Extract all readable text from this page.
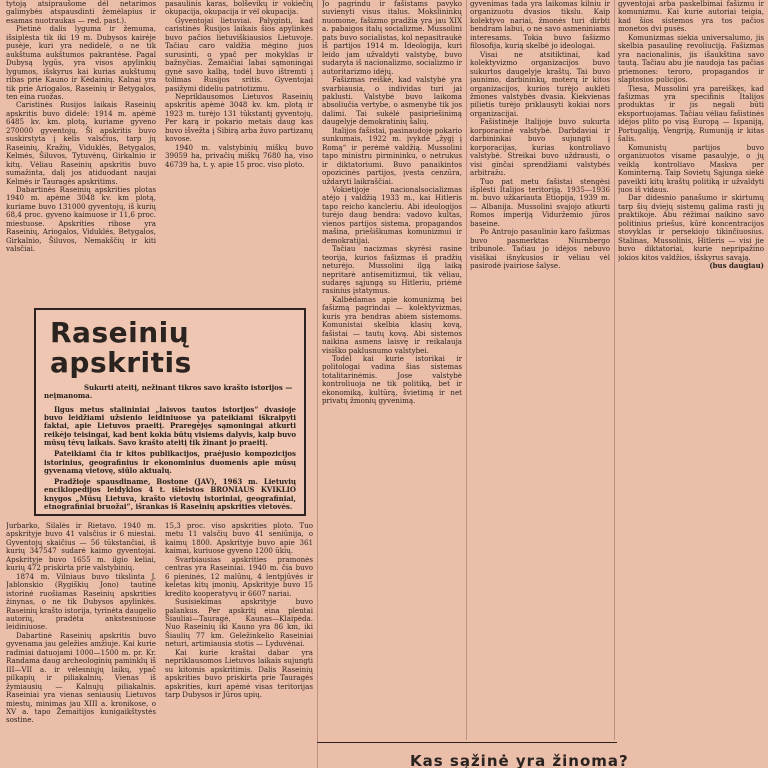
tytoją atsipraušome dėl netarimos galimybės atspausdinti žemėlapius ir esamas nuotraukas — red. past.).

Pietinė dalis lyguma ir žemuma, išsiplėsta tik iki 19 m. Dubysos kairėje pusėje, kuri yra nedidelė, o ne tik aukštuma aukštumos pakrantėse. Pagal Dubysą lygūs, yra visos apylinkių lygumos, išskyrus kai kurias aukštumų ribas prie Kauno ir Kėdainių. Kalnai yra tik prie Ariogalos, Raseinių ir Betygalos, ten eina ruožas.

Caristinės Rusijos laikais Raseinių apskritis buvo didelė: 1914 m. apėmė 6485 kv. km. plotą, kuriame gyveno 270000 gyventojų. Ši apskritis buvo suskirstyta į kelis valsčius, tarp jų Raseinių, Kražių, Viduklės, Betygalos, Kelmės, Šiluvos, Tytuvėnų, Girkalnio ir kitų. Vėliau Raseinių apskritis buvo sumažinta, dalį jos atiduodant naujai Kelmės ir Tauragės apskritims.

Dabartinės Raseinių apskrities plotas 1940 m. apėmė 3048 kv. km plotą, kuriame buvo 131000 gyventojų, iš kurių 68,4 proc. gyveno kaimuose ir 11,6 proc. miestuose. Apskrities ribose yra Raseinių, Ariogalos, Viduklės, Betygalos, Girkalnio, Šiluvos, Nemakščių ir kiti valsčiai.

pasaulinis karas, bolševikų ir vokiečių okupacija, okupacija ir vėl okupacija.

Gyventojai lietuviai. Palyginti, kad caristinės Rusijos laikais šios apylinkės buvo pačios lietuviškiausios Lietuvoje. Tačiau caro valdžia mėgino juos surusinti, o ypač per mokyklas ir bažnyčias. Žemaičiai labai sąmoningai gynė savo kalbą, todėl buvo ištremti į tolimas Rusijos sritis. Gyventojai pasižymi dideliu patriotizmu.

Nepriklausomos Lietuvos Raseinių apskritis apėmė 3048 kv. km. plotą ir 1923 m. turėjo 131 tūkstantį gyventojų. Per karą ir pokario metais daug kas buvo išvežta į Sibirą arba žuvo partizanų kovose.

1940 m. valstybinių miškų buvo 39059 ha, privačių miškų 7680 ha, viso 46739 ha, t. y. apie 15 proc. viso ploto.

Raseinių
apskritis

Sukurti ateitį, nežinant tikros savo krašto istorijos — neįmanoma.

Ilgus metus stalininiai „laisvos tautos istorijos“ dvasioje buvo leidžiami užsienio leidiniuose ya pateikiami iškraipyti faktai, apie Lietuvos praeitį. Praregėjęs sąmoningai atkurti reikėjo teisingai, kad bent kokia būtų visiems dalyvis, kaip buvo mūsų tėvų laikais. Savo krašto ateitį tik žinant jo praeitį.

Pateikiami čia ir kitos publikacijos, praėjusio kompozicijos istorinius, geografinius ir ekonominius duomenis apie mūsų gyvenamą vietovę, siūlo aktualų.

Pradžioje spausdiname, Bostone (JAV), 1963 m. Lietuvių enciklopedijos leidyklos 4 t. išleistos BRONIAUS KVIKLIO knygos „Mūsų Lietuva, krašto vietovių istoriniai, geografiniai, etnografiniai bruožai“, išrankas iš Raseinių apskrities vietovės.

Jurbarko, Šilalės ir Rietavo. 1940 m. apskrityje buvo 41 valsčius ir 6 miestai. Gyventojų skaičius — 56 tūkstančiai, iš kurių 347547 sudarė kaimo gyventojai. Apskrityje buvo 1655 m. ilgio keliai, kurių 472 priskirta prie valstybinių.

1874 m. Vilniaus buvo tikslinta J. Jablonskio (Rygiškių Jono) tautinė istorinė ruošiamas Raseinių apskrities žinynas, o ne tik Dubysos apylinkės. Raseinių krašto istorija, tyrinėta daugelio autorių, pradėta ankstesniuose leidiniuose.

Dabartinė Raseinių apskritis buvo gyvenama jau geležies amžiuje. Kai kurie radiniai datuojami 1000—1500 m. pr. Kr. Randama daug archeologinių paminklų iš III—VII a. ir vėlesniųjų laikų, ypač pilkapių ir piliakalnių. Vienas iš žymiausių — Kalnujų piliakalnis. Raseiniai yra vienas seniausių Lietuvos miestų, minimas jau XIII a. kronikose, o XV a. tapo Žemaitijos kunigaikštystės sostine.

15,3 proc. viso apskrities ploto. Tuo metu 11 valsčių buvo 41 seniūnija, o kaimų 1800. Apskrityje buvo apie 361 kaimai, kuriuose gyveno 1200 ūkių.

Svarbiausias apskrities pramonės centras yra Raseiniai. 1940 m. čia buvo 6 pieninės, 12 malūnų, 4 lentpjūvės ir keletas kitų įmonių. Apskrityje buvo 15 kredito kooperatyvų ir 6607 nariai.

Susisiekimas apskrityje buvo palankus. Per apskritį eina plentai Šiauliai—Tauragė, Kaunas—Klaipėda. Nuo Raseinių iki Kauno yra 86 km, iki Šiaulių 77 km. Geležinkelio Raseiniai neturi, artimiausia stotis — Lyduvėnai.

Kai kurie kraštai dabar yra nepriklausomos Lietuvos laikais sujungti su kitomis apskritimis. Dalis Raseinių apskrities buvo priskirta prie Tauragės apskrities, kuri apėmė visas teritorijas tarp Dubysos ir Jūros upių.

Jo pagrindu ir fašistams pavyko suvienyti visus italus. Mokslininkų nuomone, fašizmo pradžia yra jau XIX a. pabaigos italų socializme. Mussolini pats buvo socialistas, kol nepasitraukė iš partijos 1914 m. Ideologija, kuri leido jam užvaldyti valstybę, buvo sudaryta iš nacionalizmo, socializmo ir autoritarizmo idėjų.

Fašizmas reiškė, kad valstybė yra svarbiausia, o individas turi jai paklusti. Valstybė buvo laikoma absoliučia vertybe, o asmenybė tik jos dalimi. Tai sukėlė pasipriešinimą daugelyje demokratinių šalių.

Italijos fašistai, pasinaudoję pokario sunkumais, 1922 m. įvykdė „žygį į Romą“ ir perėmė valdžią. Mussolini tapo ministru pirmininku, o netrukus ir diktatoriumi. Buvo panaikintos opozicinės partijos, įvesta cenzūra, uždaryti laikraščiai.

Vokietijoje nacionalsocializmas atėjo į valdžią 1933 m., kai Hitleris tapo reicho kancleriu. Abi ideologijos turėjo daug bendra: vadovo kultas, vienos partijos sistema, propagandos mašina, priešiškumas komunizmui ir demokratijai.

Tačiau nacizmas skyrėsi rasine teorija, kurios fašizmas iš pradžių neturėjo. Mussolini ilgą laiką nepritarė antisemitizmui, tik vėliau, sudaręs sąjungą su Hitleriu, priėmė rasinius įstatymus.

Kalbėdamas apie komunizmą bei fašizmą pagrindai — kolektyvizmas, kuris yra bendras abiem sistemoms. Komunistai skelbia klasių kovą, fašistai — tautų kovą. Abi sistemos naikina asmens laisvę ir reikalauja visiško paklusnumo valstybei.

Todėl kai kurie istorikai ir politologai vadina šias sistemas totalitarinėmis. Jose valstybė kontroliuoja ne tik politiką, bet ir ekonomiką, kultūrą, švietimą ir net privatų žmonių gyvenimą.

gyvenimas tada yra laikomas kilniu ir organizuotu dvasios tikslu. Kaip kolektyvo nariai, žmonės turi dirbti bendram labui, o ne savo asmeniniams interesams. Tokia buvo fašizmo filosofija, kurią skelbė jo ideologai.

Visai ne atsitiktinai, kad kolektyvizmo organizacijos buvo sukurtos daugelyje kraštų. Tai buvo jaunimo, darbininkų, moterų ir kitos organizacijos, kurios turėjo auklėti žmones valstybės dvasia. Kiekvienas pilietis turėjo priklausyti kokiai nors organizacijai.

Fašistinėje Italijoje buvo sukurta korporacinė valstybė. Darbdaviai ir darbininkai buvo sujungti į korporacijas, kurias kontroliavo valstybė. Streikai buvo uždrausti, o visi ginčai sprendžiami valstybės arbitražu.

Tuo pat metu fašistai stengėsi išplėsti Italijos teritoriją. 1935—1936 m. buvo užkariauta Etiopija, 1939 m. — Albanija. Mussolini svajojo atkurti Romos imperiją Viduržemio jūros baseine.

Po Antrojo pasaulinio karo fašizmas buvo pasmerktas Niurnbergo tribunole. Tačiau jo idėjos nebuvo visiškai išnykusios ir vėliau vėl pasirodė įvairiose šalyse.

gyventojai arba paskelbimai fašizmu ir komunizmu. Kai kurie autoriai teigia, kad šios sistemos yra tos pačios monetos dvi pusės.

Komunizmas siekia universalumo, jis skelbia pasaulinę revoliuciją. Fašizmas yra nacionalinis, jis išaukština savo tautą. Tačiau abu jie naudoja tas pačias priemones: teroro, propagandos ir slaptosios policijos.

Tiesa, Mussolini yra pareiškęs, kad fašizmas yra specifinis Italijos produktas ir jis negali būti eksportuojamas. Tačiau vėliau fašistinės idėjos plito po visą Europą — Ispaniją, Portugaliją, Vengriją, Rumuniją ir kitas šalis.

Komunistų partijos buvo organizuotos visame pasaulyje, o jų veiklą kontroliavo Maskva per Kominterną. Taip Sovietų Sąjunga siekė paveikti kitų kraštų politiką ir užvaldyti juos iš vidaus.

Dar didesnio panašumo ir skirtumų tarp šių dviejų sistemų galima rasti jų praktikoje. Abu rėžimai naikino savo politinius priešus, kūrė koncentracijos stovyklas ir persekiojo tikinčiuosius. Stalinas, Mussolinis, Hitleris — visi jie buvo diktatoriai, kurie nepripažino jokios kitos valdžios, išskyrus savąją.

(bus daugiau)
Kas sąžinė yra žinoma?
